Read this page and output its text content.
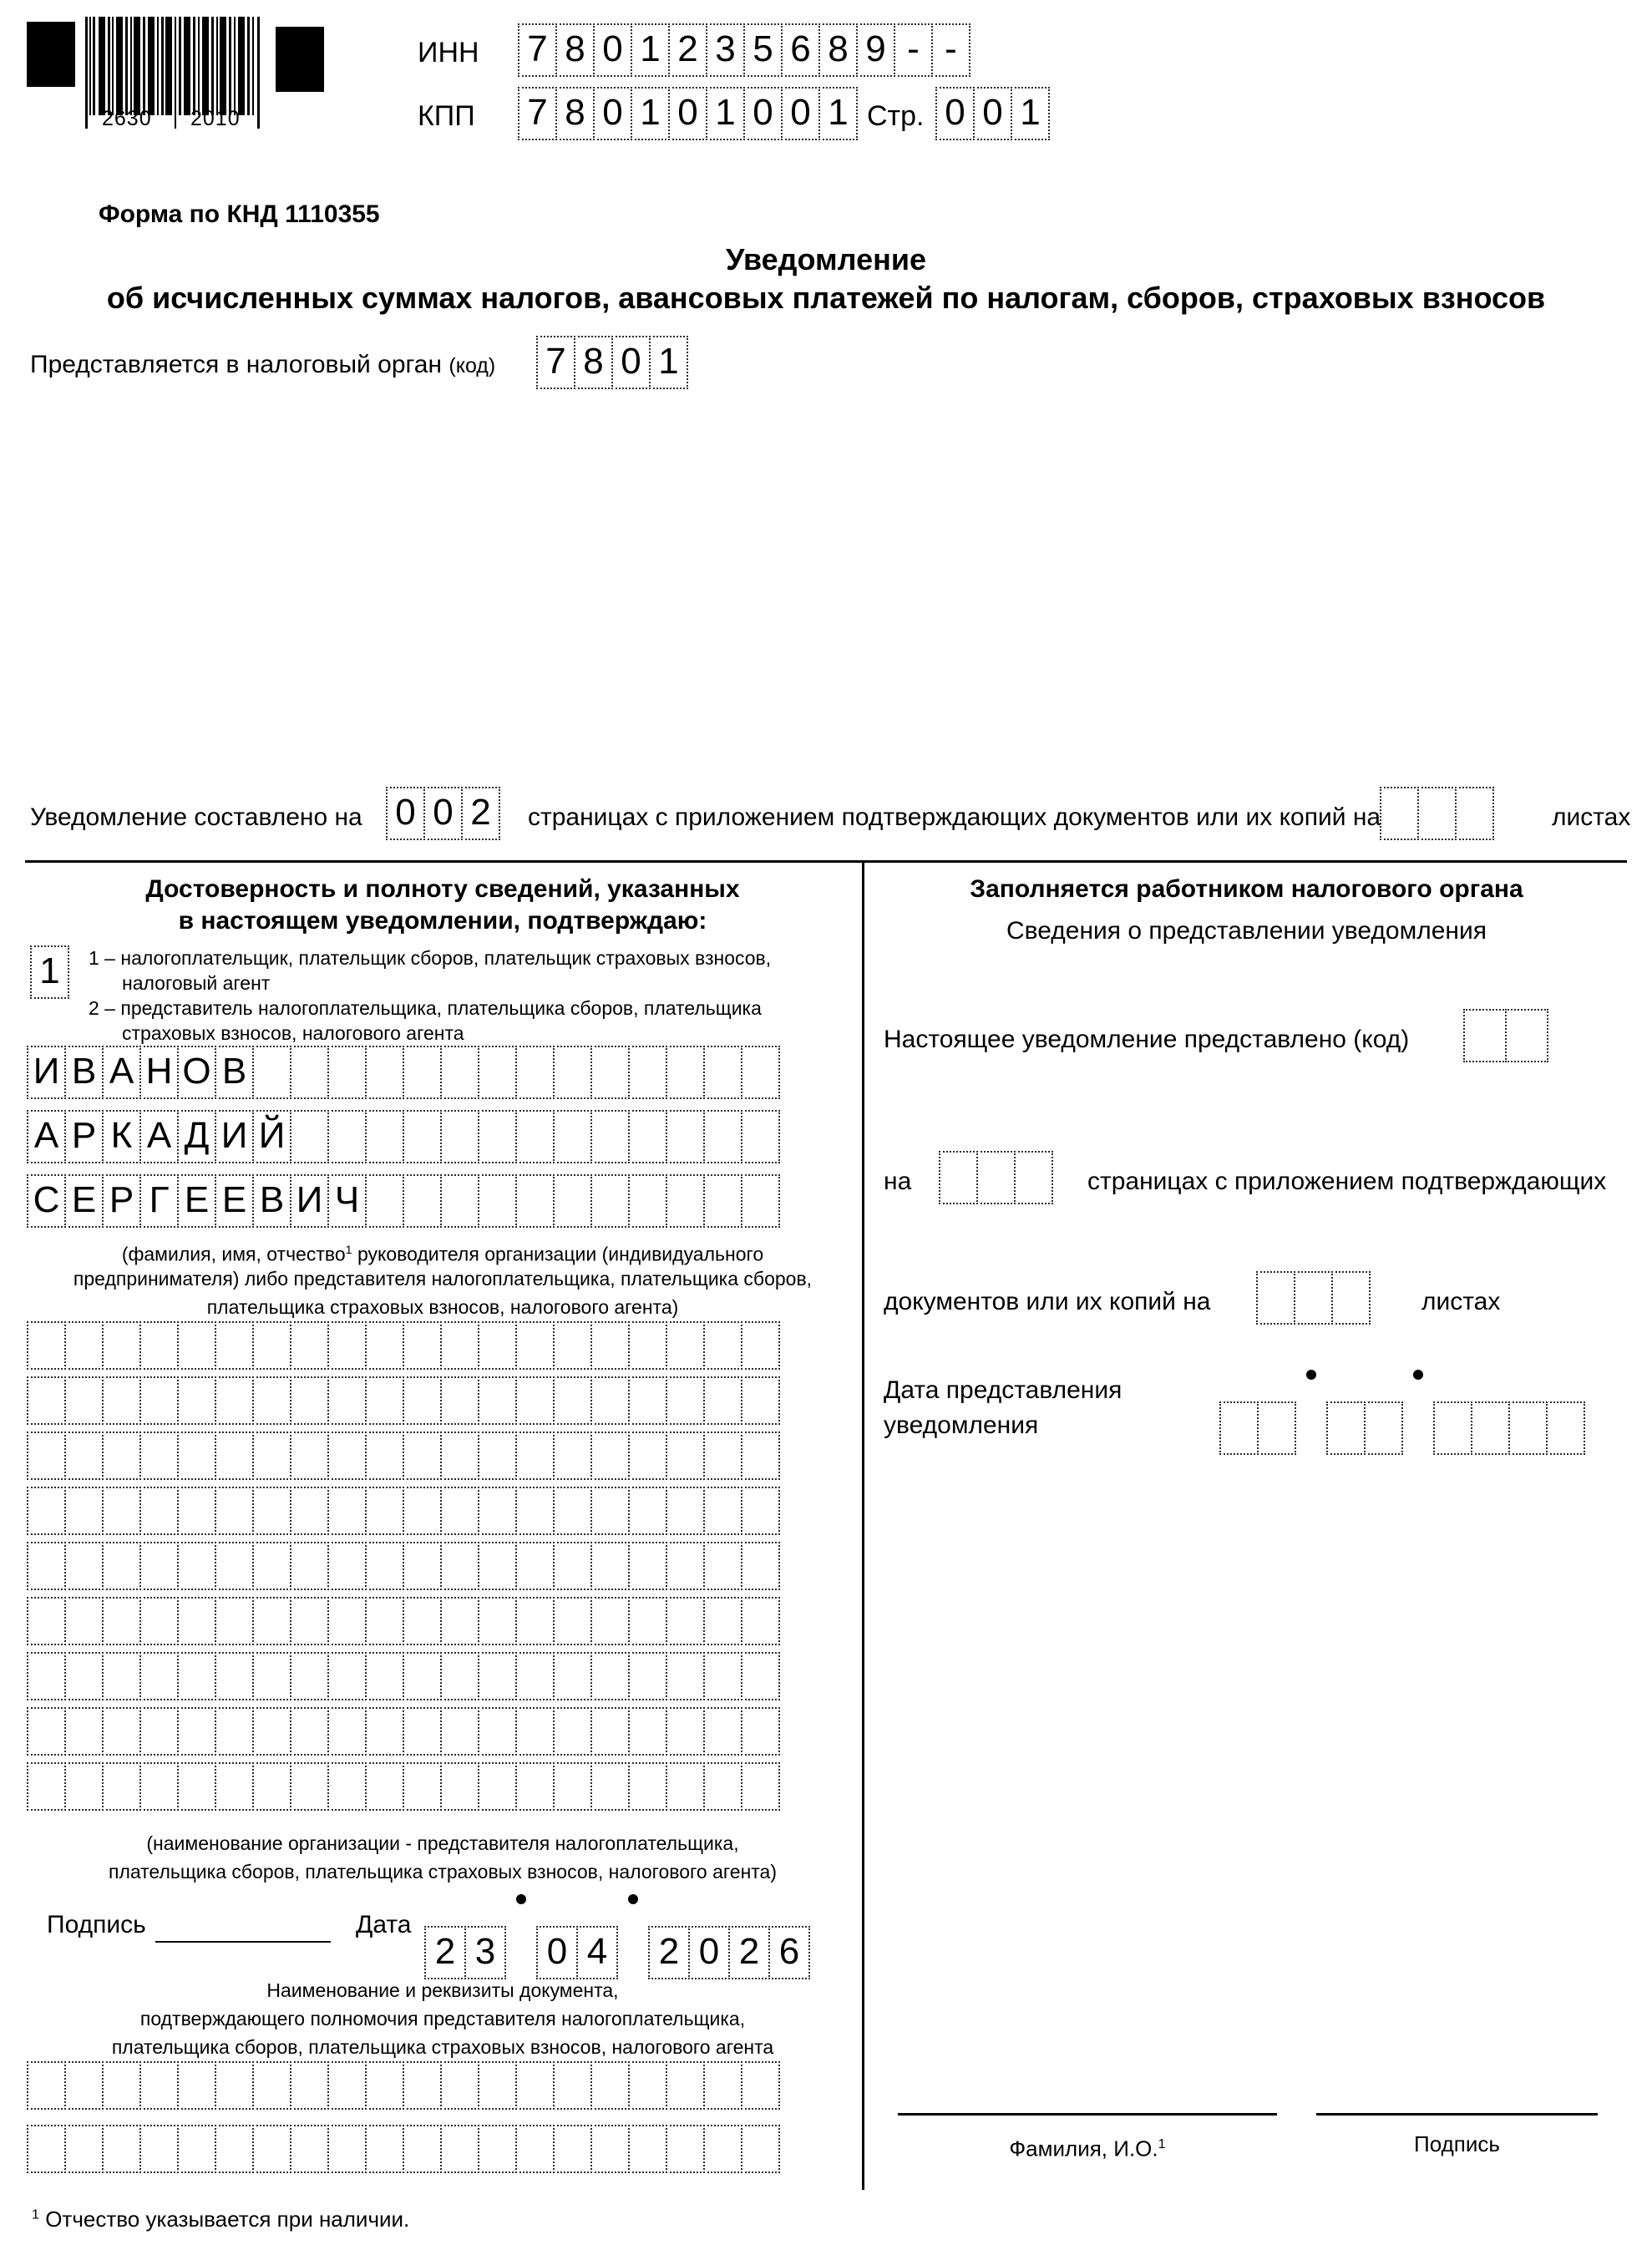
2630 2010
ИНН 7 8 0 1 2 3 5 6 8 9 - -
КПП 7 8 0 1 0 1 0 0 1 Стр. 0 0 1
Форма по КНД 1110355
Уведомление
об исчисленных суммах налогов, авансовых платежей по налогам, сборов, страховых взносов
Представляется в налоговый орган (код) 7 8 0 1
Уведомление составлено на 0 0 2	страницах с приложением подтверждающих документов или их копий на
	листах
Достоверность и полноту сведений, указанных
в настоящем уведомлении, подтверждаю:
1	1 – налогоплательщик, плательщик сборов, плательщик страховых взносов,
налоговый агент
2 – представитель налогоплательщика, плательщика сборов, плательщика
страховых взносов, налогового агента
И В А Н О В
А Р К А Д И Й
С Е Р Г Е Е В И Ч
(фамилия, имя, отчество$^1$ руководителя организации (индивидуального
предпринимателя) либо представителя налогоплательщика, плательщика сборов,
плательщика страховых взносов, налогового агента)

(наименование организации - представителя налогоплательщика,
плательщика сборов, плательщика страховых взносов, налогового агента)
Подпись	Дата
2 3 0 4 2 0 2 6
Наименование и реквизиты документа,
подтверждающего полномочия представителя налогоплательщика,
плательщика сборов, плательщика страховых взносов, налогового агента

$^1$ Отчество указывается при наличии.
Заполняется работником налогового органа
Сведения о представлении уведомления
Настоящее уведомление представлено (код)

на
	страницах с приложением подтверждающих
документов или их копий на
	листах
Дата представления
уведомления

Фамилия, И.О.$^1$	Подпись
